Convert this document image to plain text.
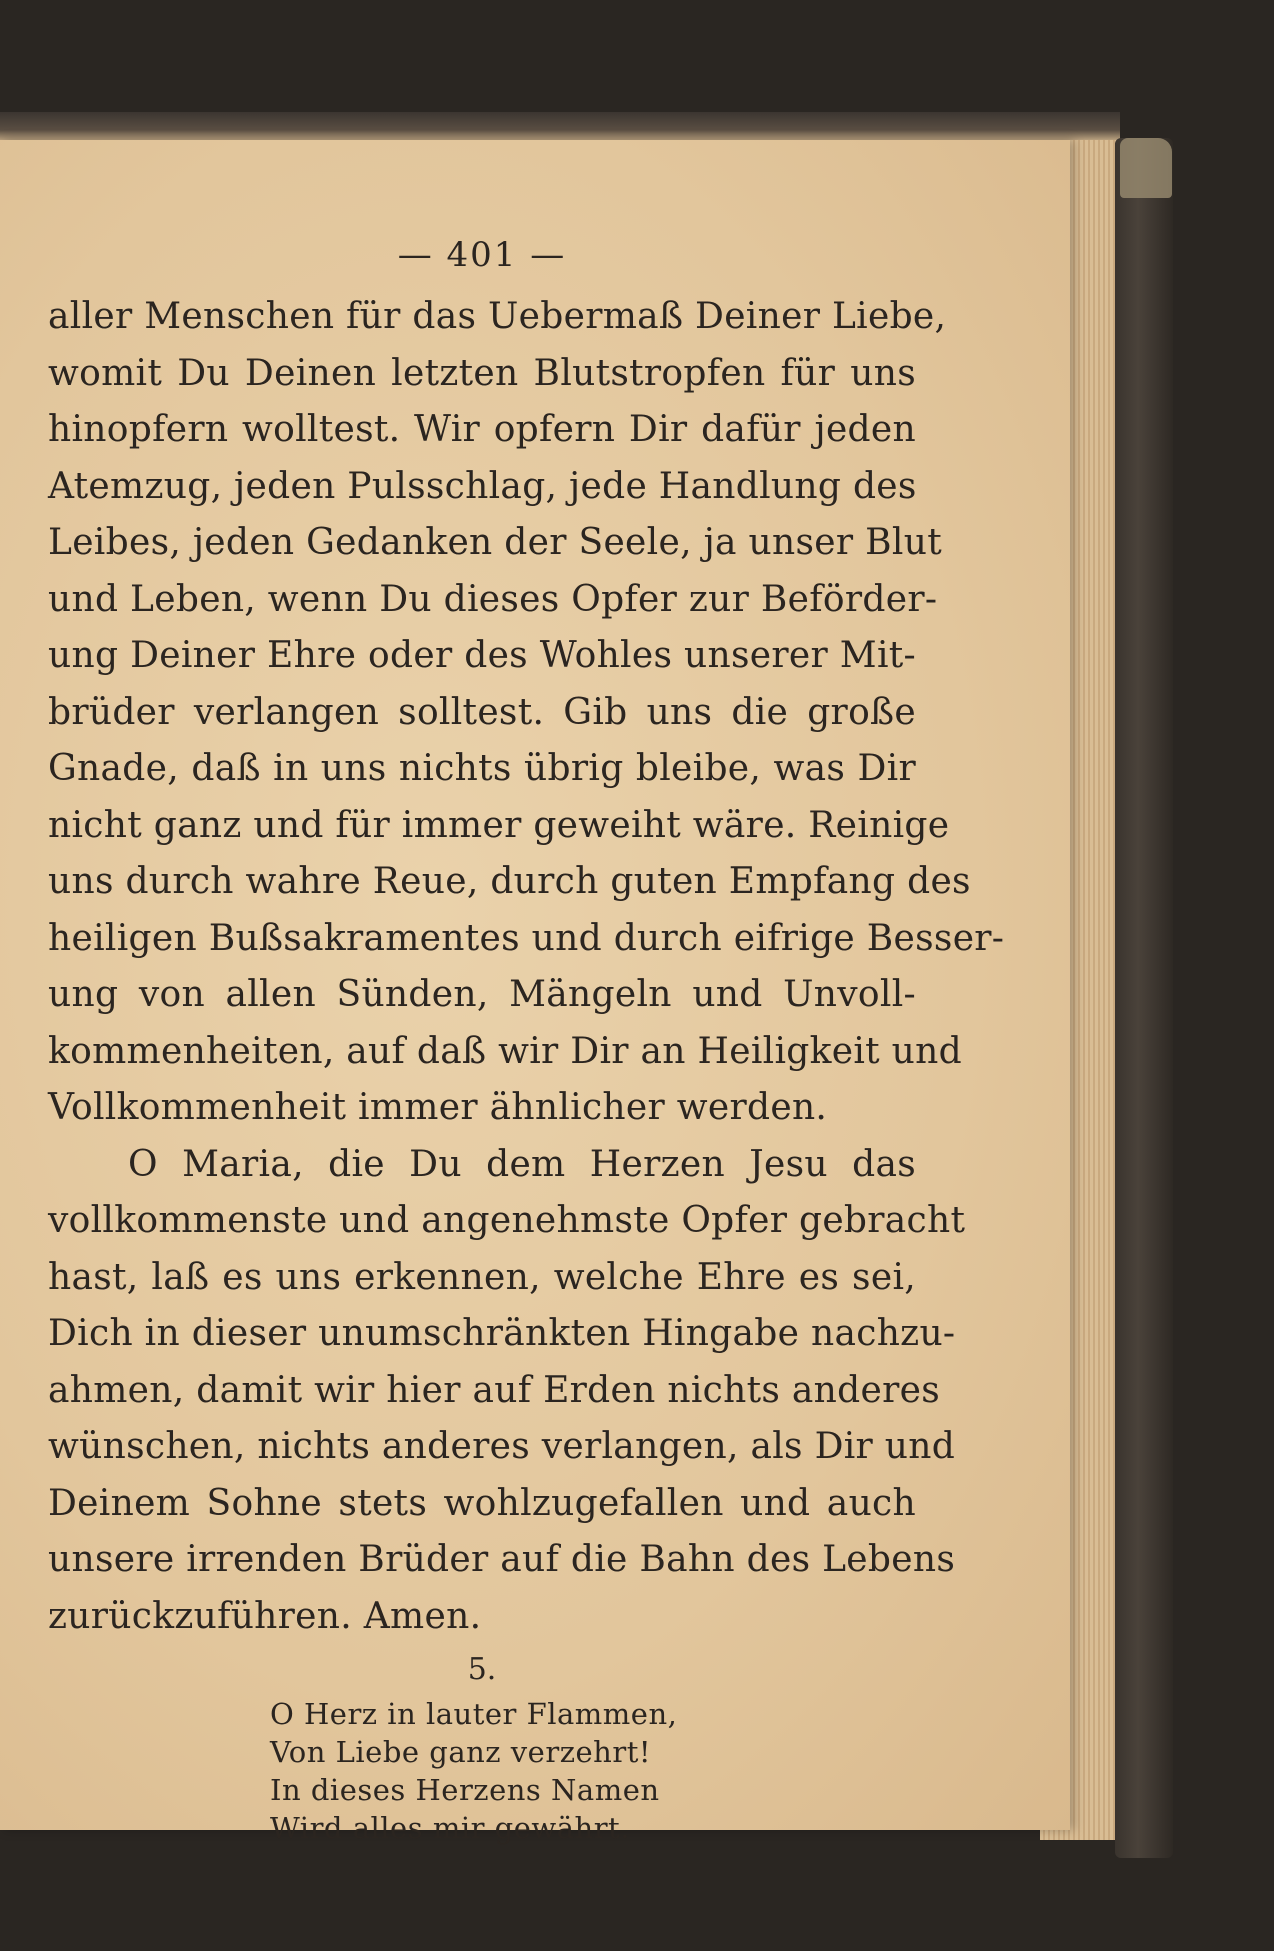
— 401 —
aller Menschen für das Uebermaß Deiner Liebe,
womit Du Deinen letzten Blutstropfen für uns
hinopfern wolltest. Wir opfern Dir dafür jeden
Atemzug, jeden Pulsschlag, jede Handlung des
Leibes, jeden Gedanken der Seele, ja unser Blut
und Leben, wenn Du dieses Opfer zur Beförder-
ung Deiner Ehre oder des Wohles unserer Mit-
brüder verlangen solltest. Gib uns die große
Gnade, daß in uns nichts übrig bleibe, was Dir
nicht ganz und für immer geweiht wäre. Reinige
uns durch wahre Reue, durch guten Empfang des
heiligen Bußsakramentes und durch eifrige Besser-
ung von allen Sünden, Mängeln und Unvoll-
kommenheiten, auf daß wir Dir an Heiligkeit und
Vollkommenheit immer ähnlicher werden.
O Maria, die Du dem Herzen Jesu das
vollkommenste und angenehmste Opfer gebracht
hast, laß es uns erkennen, welche Ehre es sei,
Dich in dieser unumschränkten Hingabe nachzu-
ahmen, damit wir hier auf Erden nichts anderes
wünschen, nichts anderes verlangen, als Dir und
Deinem Sohne stets wohlzugefallen und auch
unsere irrenden Brüder auf die Bahn des Lebens
zurückzuführen. Amen.
5.
O Herz in lauter Flammen,
Von Liebe ganz verzehrt!
In dieses Herzens Namen
Wird alles mir gewährt.
